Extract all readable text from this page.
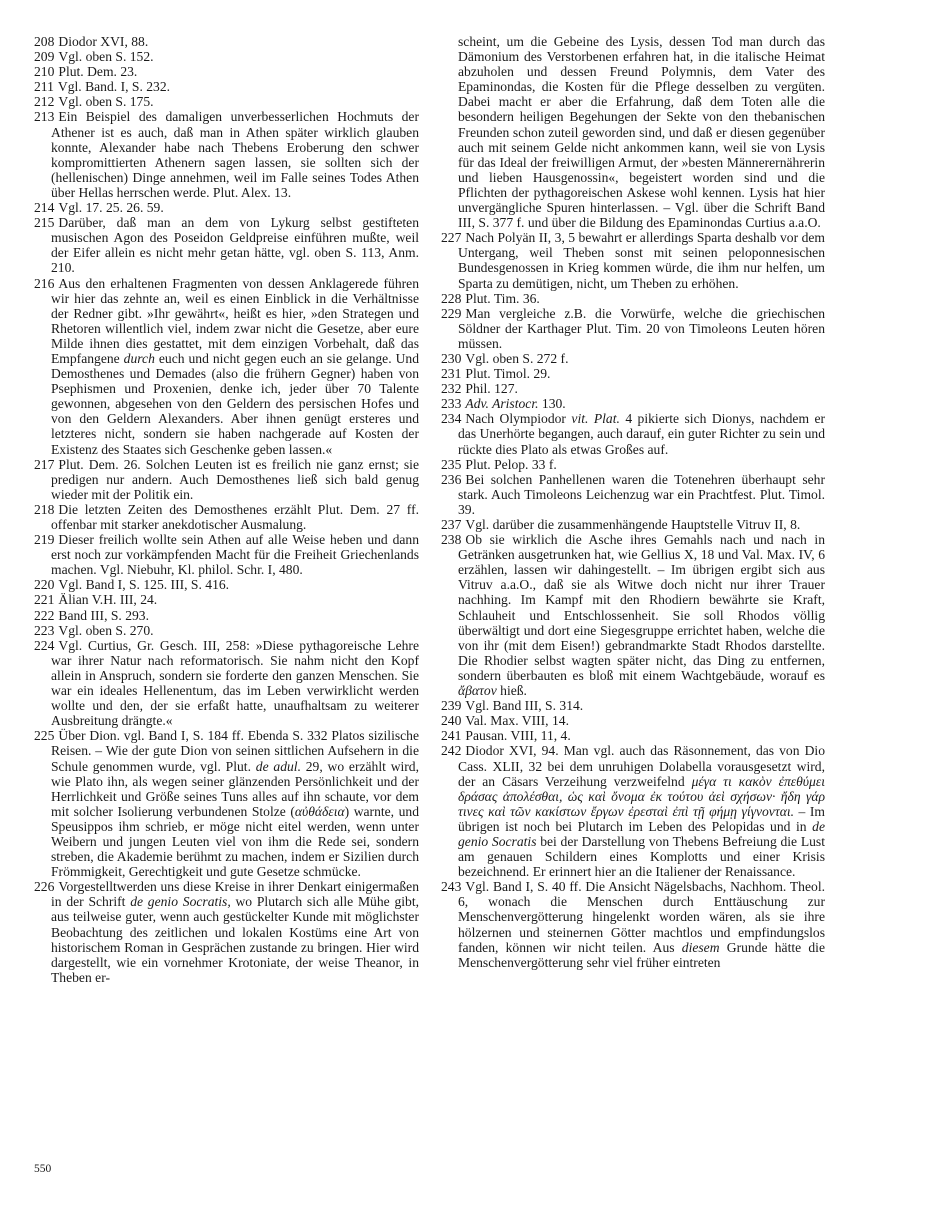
208 Diodor XVI, 88.

209 Vgl. oben S. 152.

210 Plut. Dem. 23.

211 Vgl. Band. I, S. 232.

212 Vgl. oben S. 175.

213 Ein Beispiel des damaligen unverbesserlichen Hochmuts der Athener ist es auch, daß man in Athen später wirklich glauben konnte, Alexander habe nach Thebens Eroberung den schwer kompromittierten Athenern sagen lassen, sie sollten sich der (hellenischen) Dinge annehmen, weil im Falle seines Todes Athen über Hellas herrschen werde. Plut. Alex. 13.

214 Vgl. 17. 25. 26. 59.

215 Darüber, daß man an dem von Lykurg selbst gestifteten musischen Agon des Poseidon Geldpreise einführen mußte, weil der Eifer allein es nicht mehr getan hätte, vgl. oben S. 113, Anm. 210.

216 Aus den erhaltenen Fragmenten von dessen Anklagerede führen wir hier das zehnte an, weil es einen Einblick in die Verhältnisse der Redner gibt. »Ihr gewährt«, heißt es hier, »den Strategen und Rhetoren willentlich viel, indem zwar nicht die Gesetze, aber eure Milde ihnen dies gestattet, mit dem einzigen Vorbehalt, daß das Empfangene durch euch und nicht gegen euch an sie gelange. Und Demosthenes und Demades (also die frühern Gegner) haben von Psephismen und Proxenien, denke ich, jeder über 70 Talente gewonnen, abgesehen von den Geldern des persischen Hofes und von den Geldern Alexanders. Aber ihnen genügt ersteres und letzteres nicht, sondern sie haben nachgerade auf Kosten der Existenz des Staates sich Geschenke geben lassen.«

217 Plut. Dem. 26. Solchen Leuten ist es freilich nie ganz ernst; sie predigen nur andern. Auch Demosthenes ließ sich bald genug wieder mit der Politik ein.

218 Die letzten Zeiten des Demosthenes erzählt Plut. Dem. 27 ff. offenbar mit starker anekdotischer Ausmalung.

219 Dieser freilich wollte sein Athen auf alle Weise heben und dann erst noch zur vorkämpfenden Macht für die Freiheit Griechenlands machen. Vgl. Niebuhr, Kl. philol. Schr. I, 480.

220 Vgl. Band I, S. 125. III, S. 416.

221 Älian V.H. III, 24.

222 Band III, S. 293.

223 Vgl. oben S. 270.

224 Vgl. Curtius, Gr. Gesch. III, 258: »Diese pythagoreische Lehre war ihrer Natur nach reformatorisch. Sie nahm nicht den Kopf allein in Anspruch, sondern sie forderte den ganzen Menschen. Sie war ein ideales Hellenentum, das im Leben verwirklicht werden wollte und den, der sie erfaßt hatte, unaufhaltsam zu weiterer Ausbreitung drängte.«

225 Über Dion. vgl. Band I, S. 184 ff. Ebenda S. 332 Platos sizilische Reisen. – Wie der gute Dion von seinen sittlichen Aufsehern in die Schule genommen wurde, vgl. Plut. de adul. 29, wo erzählt wird, wie Plato ihn, als wegen seiner glänzenden Persönlichkeit und der Herrlichkeit und Größe seines Tuns alles auf ihn schaute, vor dem mit solcher Isolierung verbundenen Stolze (αὐθάδεια) warnte, und Speusippos ihm schrieb, er möge nicht eitel werden, wenn unter Weibern und jungen Leuten viel von ihm die Rede sei, sondern streben, die Akademie berühmt zu machen, indem er Sizilien durch Frömmigkeit, Gerechtigkeit und gute Gesetze schmücke.

226 Vorgestelltwerden uns diese Kreise in ihrer Denkart einigermaßen in der Schrift de genio Socratis, wo Plutarch sich alle Mühe gibt, aus teilweise guter, wenn auch gestückelter Kunde mit möglichster Beobachtung des zeitlichen und lokalen Kostüms eine Art von historischem Roman in Gesprächen zustande zu bringen. Hier wird dargestellt, wie ein vornehmer Krotoniate, der weise Theanor, in Theben er-

scheint, um die Gebeine des Lysis, dessen Tod man durch das Dämonium des Verstorbenen erfahren hat, in die italische Heimat abzuholen und dessen Freund Polymnis, dem Vater des Epaminondas, die Kosten für die Pflege desselben zu vergüten. Dabei macht er aber die Erfahrung, daß dem Toten alle die besondern heiligen Begehungen der Sekte von den thebanischen Freunden schon zuteil geworden sind, und daß er diesen gegenüber auch mit seinem Gelde nicht ankommen kann, weil sie von Lysis für das Ideal der freiwilligen Armut, der »besten Männerernährerin und lieben Hausgenossin«, begeistert worden sind und die Pflichten der pythagoreischen Askese wohl kennen. Lysis hat hier unvergängliche Spuren hinterlassen. – Vgl. über die Schrift Band III, S. 377 f. und über die Bildung des Epaminondas Curtius a.a.O.

227 Nach Polyän II, 3, 5 bewahrt er allerdings Sparta deshalb vor dem Untergang, weil Theben sonst mit seinen peloponnesischen Bundesgenossen in Krieg kommen würde, die ihm nur helfen, um Sparta zu demütigen, nicht, um Theben zu erhöhen.

228 Plut. Tim. 36.

229 Man vergleiche z.B. die Vorwürfe, welche die griechischen Söldner der Karthager Plut. Tim. 20 von Timoleons Leuten hören müssen.

230 Vgl. oben S. 272 f.

231 Plut. Timol. 29.

232 Phil. 127.

233 Adv. Aristocr. 130.

234 Nach Olympiodor vit. Plat. 4 pikierte sich Dionys, nachdem er das Unerhörte begangen, auch darauf, ein guter Richter zu sein und rückte dies Plato als etwas Großes auf.

235 Plut. Pelop. 33 f.

236 Bei solchen Panhellenen waren die Totenehren überhaupt sehr stark. Auch Timoleons Leichenzug war ein Prachtfest. Plut. Timol. 39.

237 Vgl. darüber die zusammenhängende Hauptstelle Vitruv II, 8.

238 Ob sie wirklich die Asche ihres Gemahls nach und nach in Getränken ausgetrunken hat, wie Gellius X, 18 und Val. Max. IV, 6 erzählen, lassen wir dahingestellt. – Im übrigen ergibt sich aus Vitruv a.a.O., daß sie als Witwe doch nicht nur ihrer Trauer nachhing. Im Kampf mit den Rhodiern bewährte sie Kraft, Schlauheit und Entschlossenheit. Sie soll Rhodos völlig überwältigt und dort eine Siegesgruppe errichtet haben, welche die von ihr (mit dem Eisen!) gebrandmarkte Stadt Rhodos darstellte. Die Rhodier selbst wagten später nicht, das Ding zu entfernen, sondern überbauten es bloß mit einem Wachtgebäude, worauf es ἄβατον hieß.

239 Vgl. Band III, S. 314.

240 Val. Max. VIII, 14.

241 Pausan. VIII, 11, 4.

242 Diodor XVI, 94. Man vgl. auch das Räsonnement, das von Dio Cass. XLII, 32 bei dem unruhigen Dolabella vorausgesetzt wird, der an Cäsars Verzeihung verzweifelnd μέγα τι κακὸν ἐπεθύμει δράσας ἀπολέσθαι, ὡς καὶ ὄνομα ἐκ τούτου ἀεὶ σχήσων· ἤδη γάρ τινες καὶ τῶν κακίστων ἔργων ἐρεσταὶ ἐπὶ τῇ φήμῃ γίγνονται. – Im übrigen ist noch bei Plutarch im Leben des Pelopidas und in de genio Socratis bei der Darstellung von Thebens Befreiung die Lust am genauen Schildern eines Komplotts und einer Krisis bezeichnend. Er erinnert hier an die Italiener der Renaissance.

243 Vgl. Band I, S. 40 ff. Die Ansicht Nägelsbachs, Nachhom. Theol. 6, wonach die Menschen durch Enttäuschung zur Menschenvergötterung hingelenkt worden wären, als sie ihre hölzernen und steinernen Götter machtlos und empfindungslos fanden, können wir nicht teilen. Aus diesem Grunde hätte die Menschenvergötterung sehr viel früher eintreten

550
